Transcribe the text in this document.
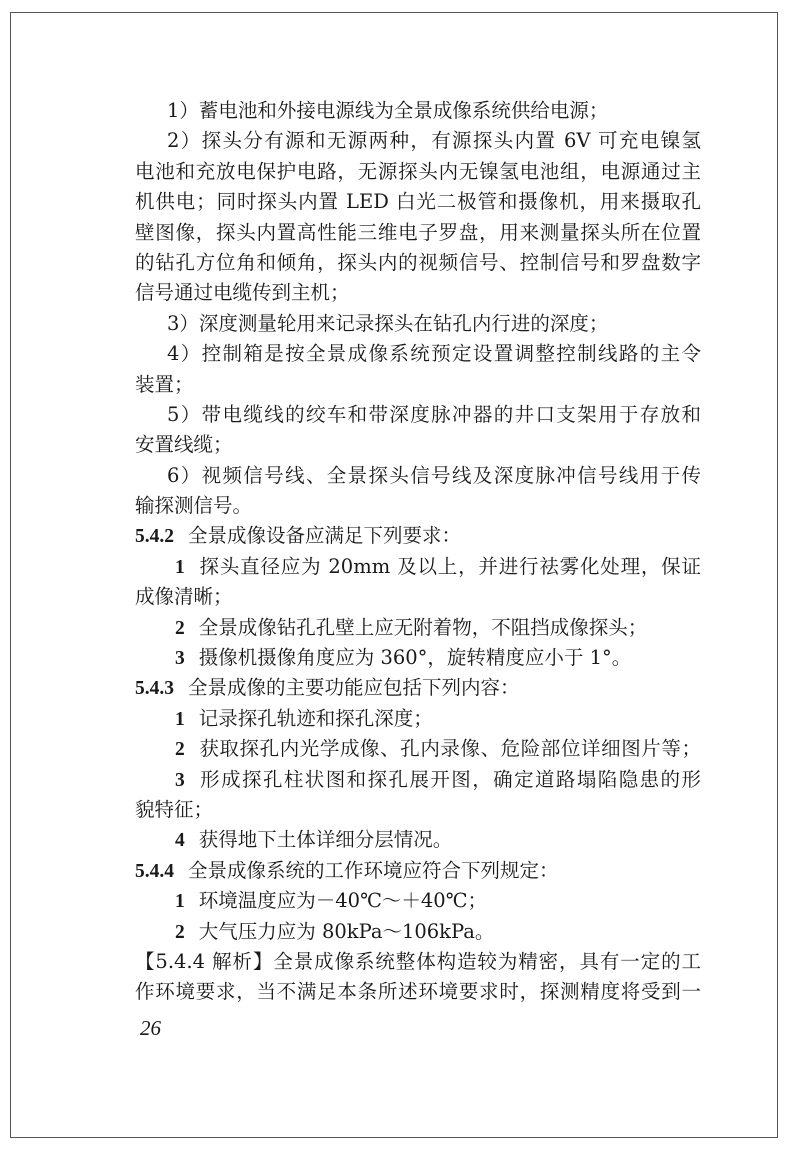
1）蓄电池和外接电源线为全景成像系统供给电源；
2）探头分有源和无源两种，有源探头内置 6V 可充电镍氢
电池和充放电保护电路，无源探头内无镍氢电池组，电源通过主
机供电；同时探头内置 LED 白光二极管和摄像机，用来摄取孔
壁图像，探头内置高性能三维电子罗盘，用来测量探头所在位置
的钻孔方位角和倾角，探头内的视频信号、控制信号和罗盘数字
信号通过电缆传到主机；
3）深度测量轮用来记录探头在钻孔内行进的深度；
4）控制箱是按全景成像系统预定设置调整控制线路的主令
装置；
5）带电缆线的绞车和带深度脉冲器的井口支架用于存放和
安置线缆；
6）视频信号线、全景探头信号线及深度脉冲信号线用于传
输探测信号。
5.4.2 全景成像设备应满足下列要求：
1 探头直径应为 20mm 及以上，并进行祛雾化处理，保证
成像清晰；
2 全景成像钻孔孔壁上应无附着物，不阻挡成像探头；
3 摄像机摄像角度应为 360°，旋转精度应小于 1°。
5.4.3 全景成像的主要功能应包括下列内容：
1 记录探孔轨迹和探孔深度；
2 获取探孔内光学成像、孔内录像、危险部位详细图片等；
3 形成探孔柱状图和探孔展开图，确定道路塌陷隐患的形
貌特征；
4 获得地下土体详细分层情况。
5.4.4 全景成像系统的工作环境应符合下列规定：
1 环境温度应为－40℃～＋40℃；
2 大气压力应为 80kPa～106kPa。
【5.4.4 解析】全景成像系统整体构造较为精密，具有一定的工
作环境要求，当不满足本条所述环境要求时，探测精度将受到一
26
